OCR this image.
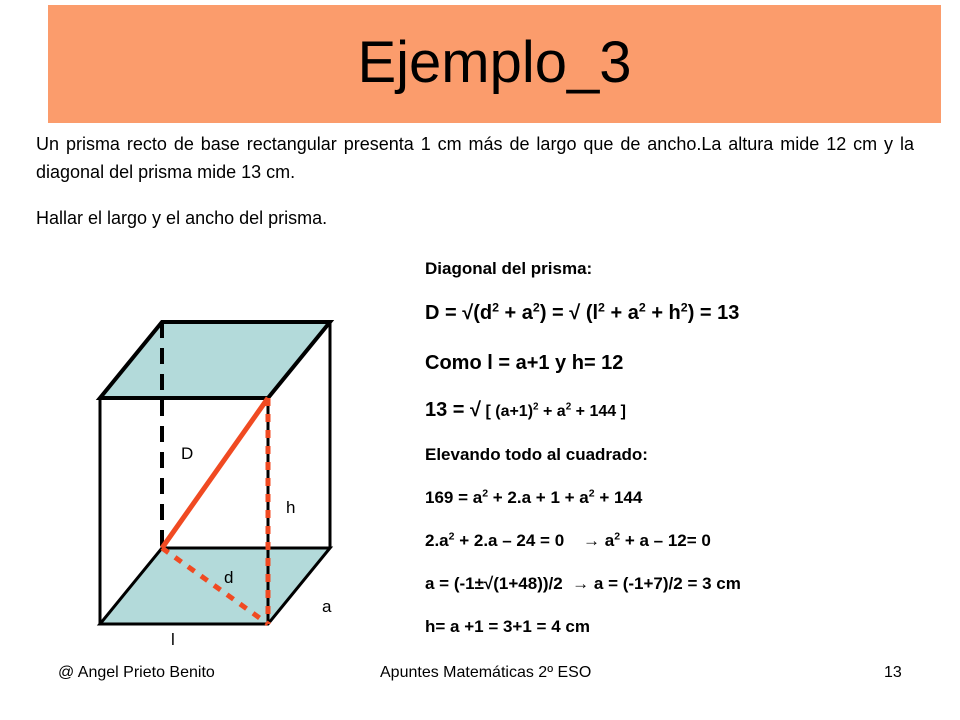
Ejemplo_3
Un prisma recto de base rectangular presenta 1 cm más de largo que de ancho.La altura mide 12 cm y la diagonal del prisma mide 13 cm.
Hallar el largo y el ancho del prisma.
D
h
d
a
l
Diagonal del prisma:
$D = √(d^2 + a^2)$ = √ $(l^2 + a^2 + h^2) = 13$
Como l = a+1 y h= 12
13 = √ [ $(a+1)^2 + a^2 + 144$ ]
Elevando todo al cuadrado:
$169 = a^2 + 2.a + 1 + a^2 + 144$
$2.a^2 + 2.a - 24 = 0$    → $a^2 + a - 12= 0$
a = (-1±√(1+48))/2  → a = (-1+7)/2 = 3 cm
h= a +1 = 3+1 = 4 cm
@ Angel Prieto Benito	Apuntes Matemáticas 2º ESO	13
